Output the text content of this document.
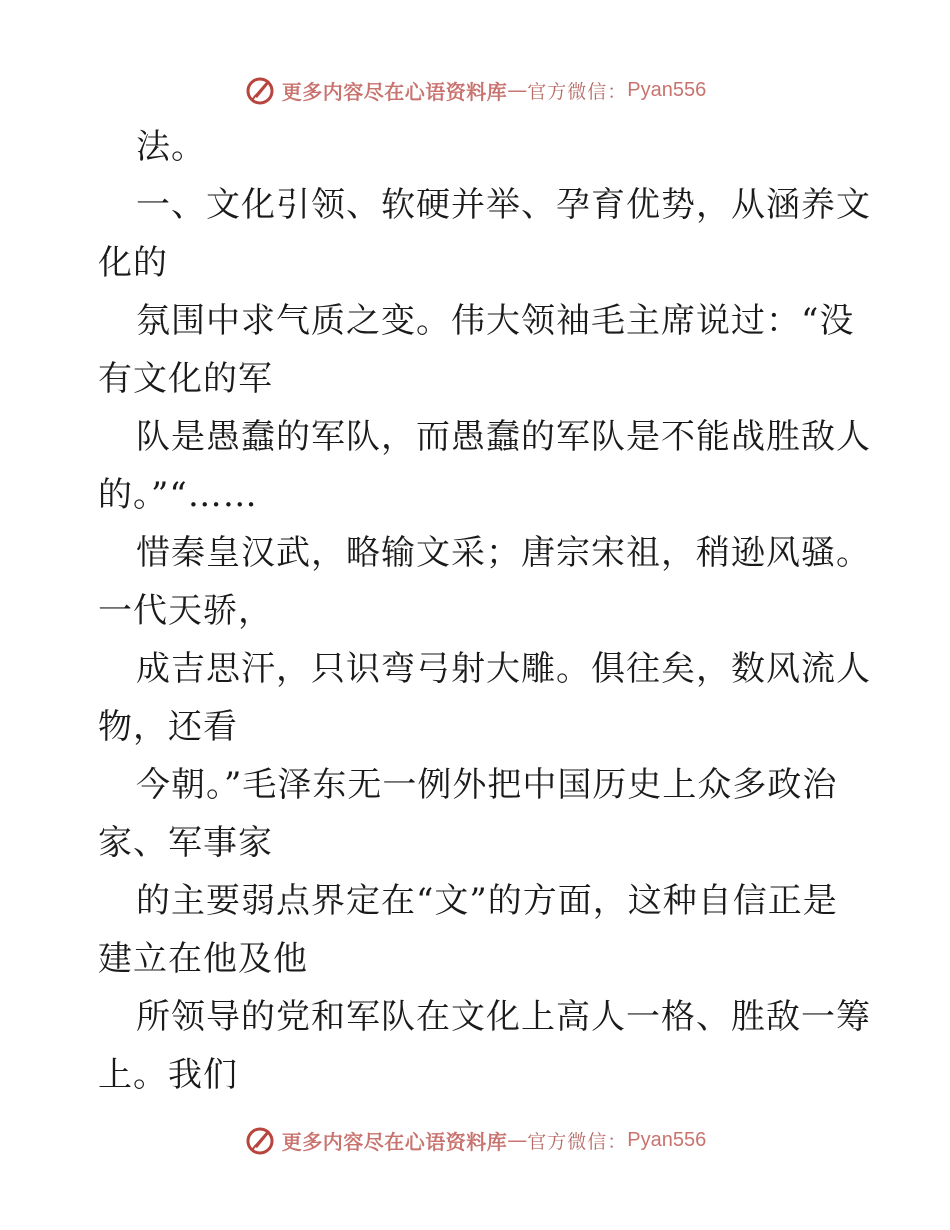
更多内容尽在心语资料库 — 官方微信： Pyan556
法。
一、文化引领、软硬并举、孕育优势，从涵养文
化的
氛围中求气质之变。伟大领袖毛主席说过：“没
有文化的军
队是愚蠢的军队，而愚蠢的军队是不能战胜敌人
的。”“……
惜秦皇汉武，略输文采；唐宗宋祖，稍逊风骚。
一代天骄，
成吉思汗，只识弯弓射大雕。俱往矣，数风流人
物，还看
今朝。”毛泽东无一例外把中国历史上众多政治
家、军事家
的主要弱点界定在“文”的方面，这种自信正是
建立在他及他
所领导的党和军队在文化上高人一格、胜敌一筹
上。我们
更多内容尽在心语资料库 — 官方微信： Pyan556
